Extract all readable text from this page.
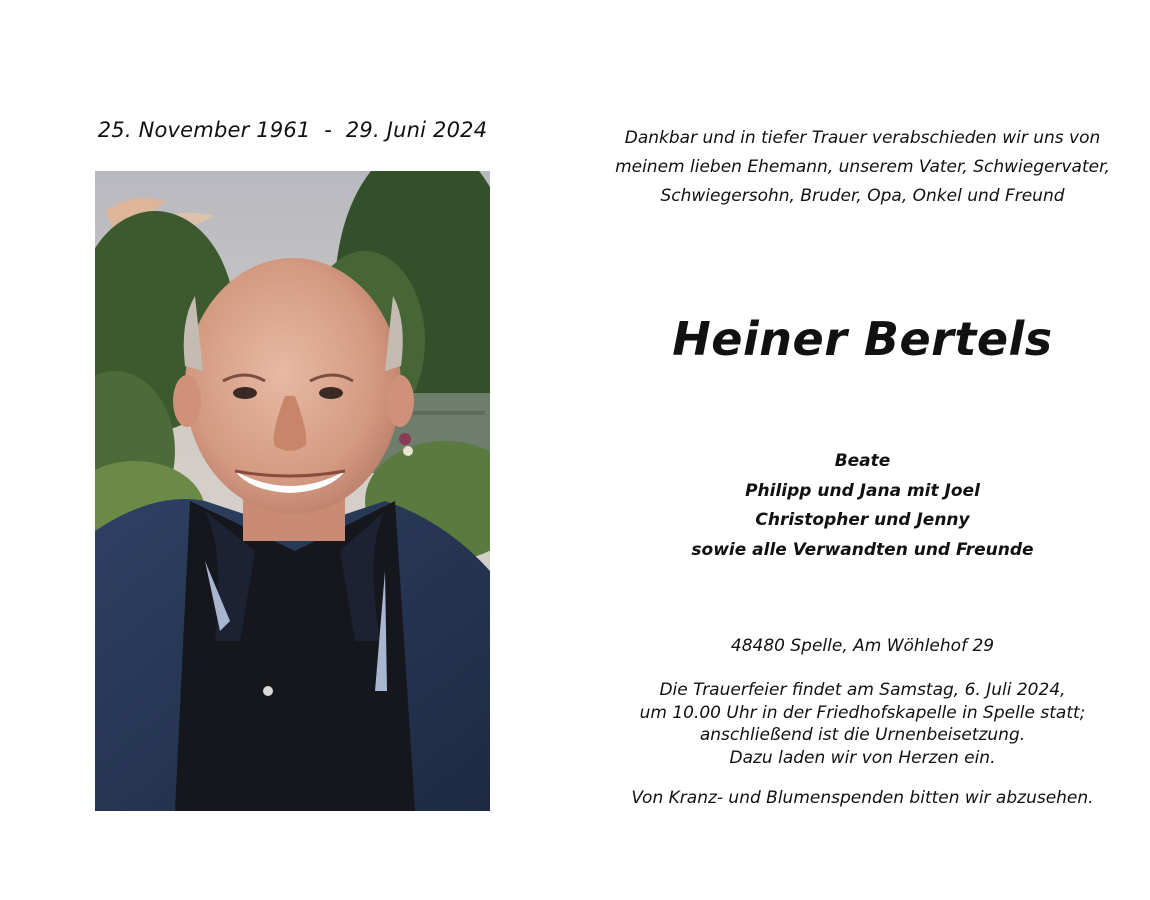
25. November 1961  -  29. Juni 2024	Dankbar und in tiefer Trauer verabschieden wir uns von
meinem lieben Ehemann, unserem Vater, Schwiegervater,
Schwiegersohn, Bruder, Opa, Onkel und Freund
Heiner Bertels
Beate
Philipp und Jana mit Joel
Christopher und Jenny
sowie alle Verwandten und Freunde
48480 Spelle, Am Wöhlehof 29
Die Trauerfeier findet am Samstag, 6. Juli 2024,
um 10.00 Uhr in der Friedhofskapelle in Spelle statt;
anschließend ist die Urnenbeisetzung.
Dazu laden wir von Herzen ein.
Von Kranz- und Blumenspenden bitten wir abzusehen.
